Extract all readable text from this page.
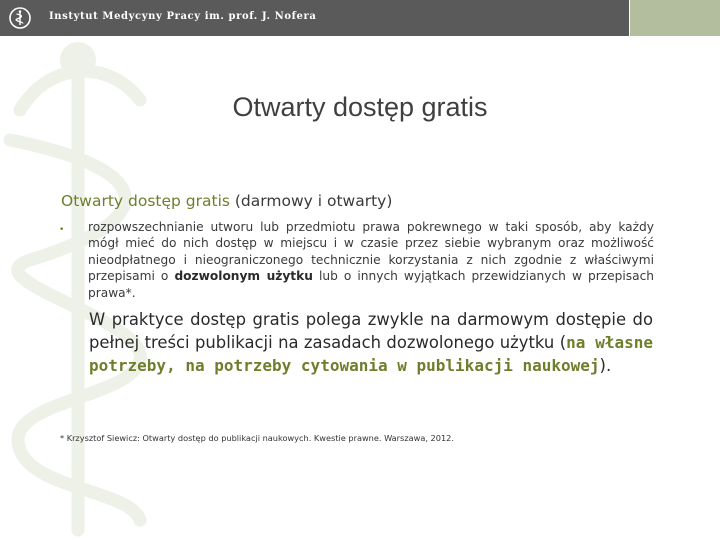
Instytut Medycyny Pracy im. prof. J. Nofera
Otwarty dostęp gratis
Otwarty dostęp gratis (darmowy i otwarty)
• rozpowszechnianie utworu lub przedmiotu prawa pokrewnego w taki sposób, aby każdy mógł mieć do nich dostęp w miejscu i w czasie przez siebie wybranym oraz możliwość nieodpłatnego i nieograniczonego technicznie korzystania z nich zgodnie z właściwymi przepisami o dozwolonym użytku lub o innych wyjątkach przewidzianych w przepisach prawa*.
W praktyce dostęp gratis polega zwykle na darmowym dostępie do pełnej treści publikacji na zasadach dozwolonego użytku (na własne potrzeby, na potrzeby cytowania w publikacji naukowej).
* Krzysztof Siewicz: Otwarty dostęp do publikacji naukowych. Kwestie prawne. Warszawa, 2012.
